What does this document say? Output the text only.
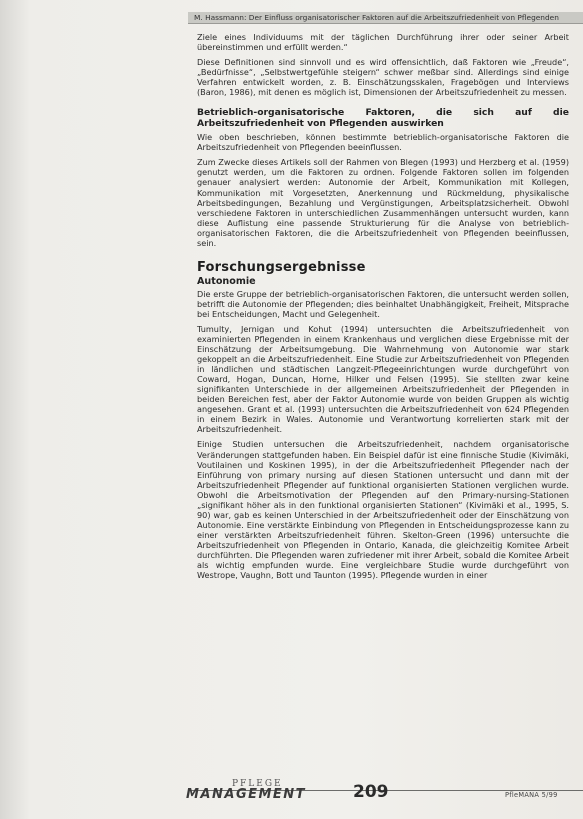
M. Hassmann: Der Einfluss organisatorischer Faktoren auf die Arbeitszufriedenheit von Pflegenden

Ziele eines Individuums mit der täglichen Durchführung ihrer oder seiner Arbeit übereinstimmen und erfüllt werden.“

Diese Definitionen sind sinnvoll und es wird offensichtlich, daß Faktoren wie „Freude“, „Bedürfnisse“, „Selbstwertgefühle steigern“ schwer meßbar sind. Allerdings sind einige Verfahren entwickelt worden, z. B. Einschätzungsskalen, Fragebögen und Interviews (Baron, 1986), mit denen es möglich ist, Dimensionen der Arbeitszufriedenheit zu messen.

Betrieblich-organisatorische Faktoren, die sich auf die Arbeitszufriedenheit von Pflegenden auswirken

Wie oben beschrieben, können bestimmte betrieblich-organisatorische Faktoren die Arbeitszufriedenheit von Pflegenden beeinflussen.

Zum Zwecke dieses Artikels soll der Rahmen von Blegen (1993) und Herzberg et al. (1959) genutzt werden, um die Faktoren zu ordnen. Folgende Faktoren sollen im folgenden genauer analysiert werden: Autonomie der Arbeit, Kommunikation mit Kollegen, Kommunikation mit Vorgesetzten, Anerkennung und Rückmeldung, physikalische Arbeitsbedingungen, Bezahlung und Vergünstigungen, Arbeitsplatzsicherheit. Obwohl verschiedene Faktoren in unterschiedlichen Zusammenhängen untersucht wurden, kann diese Auflistung eine passende Strukturierung für die Analyse von betrieblich-organisatorischen Faktoren, die die Arbeitszufriedenheit von Pflegenden beeinflussen, sein.

Forschungsergebnisse
Autonomie

Die erste Gruppe der betrieblich-organisatorischen Faktoren, die untersucht werden sollen, betrifft die Autonomie der Pflegenden; dies beinhaltet Unabhängigkeit, Freiheit, Mitsprache bei Entscheidungen, Macht und Gelegenheit.

Tumulty, Jernigan und Kohut (1994) untersuchten die Arbeitszufriedenheit von examinierten Pflegenden in einem Krankenhaus und verglichen diese Ergebnisse mit der Einschätzung der Arbeitsumgebung. Die Wahrnehmung von Autonomie war stark gekoppelt an die Arbeitszufriedenheit. Eine Studie zur Arbeitszufriedenheit von Pflegenden in ländlichen und städtischen Langzeit-Pflegeeinrichtungen wurde durchgeführt von Coward, Hogan, Duncan, Horne, Hilker und Felsen (1995). Sie stellten zwar keine signifikanten Unterschiede in der allgemeinen Arbeitszufriedenheit der Pflegenden in beiden Bereichen fest, aber der Faktor Autonomie wurde von beiden Gruppen als wichtig angesehen. Grant et al. (1993) untersuchten die Arbeitszufriedenheit von 624 Pflegenden in einem Bezirk in Wales. Autonomie und Verantwortung korrelierten stark mit der Arbeitszufriedenheit.

Einige Studien untersuchen die Arbeitszufriedenheit, nachdem organisatorische Veränderungen stattgefunden haben. Ein Beispiel dafür ist eine finnische Studie (Kivimäki, Voutilainen und Koskinen 1995), in der die Arbeitszufriedenheit Pflegender nach der Einführung von primary nursing auf diesen Stationen untersucht und dann mit der Arbeitszufriedenheit Pflegender auf funktional organisierten Stationen verglichen wurde. Obwohl die Arbeitsmotivation der Pflegenden auf den Primary-nursing-Stationen „signifikant höher als in den funktional organisierten Stationen“ (Kivimäki et al., 1995, S. 90) war, gab es keinen Unterschied in der Arbeitszufriedenheit oder der Einschätzung von Autonomie. Eine verstärkte Einbindung von Pflegenden in Entscheidungsprozesse kann zu einer verstärkten Arbeitszufriedenheit führen. Skelton-Green (1996) untersuchte die Arbeitszufriedenheit von Pflegenden in Ontario, Kanada, die gleichzeitig Komitee Arbeit durchführten. Die Pflegenden waren zufriedener mit ihrer Arbeit, sobald die Komitee Arbeit als wichtig empfunden wurde. Eine vergleichbare Studie wurde durchgeführt von Westrope, Vaughn, Bott und Taunton (1995). Pflegende wurden in einer

PFLEGE
MANAGEMENT	209	PfleMANA 5/99
